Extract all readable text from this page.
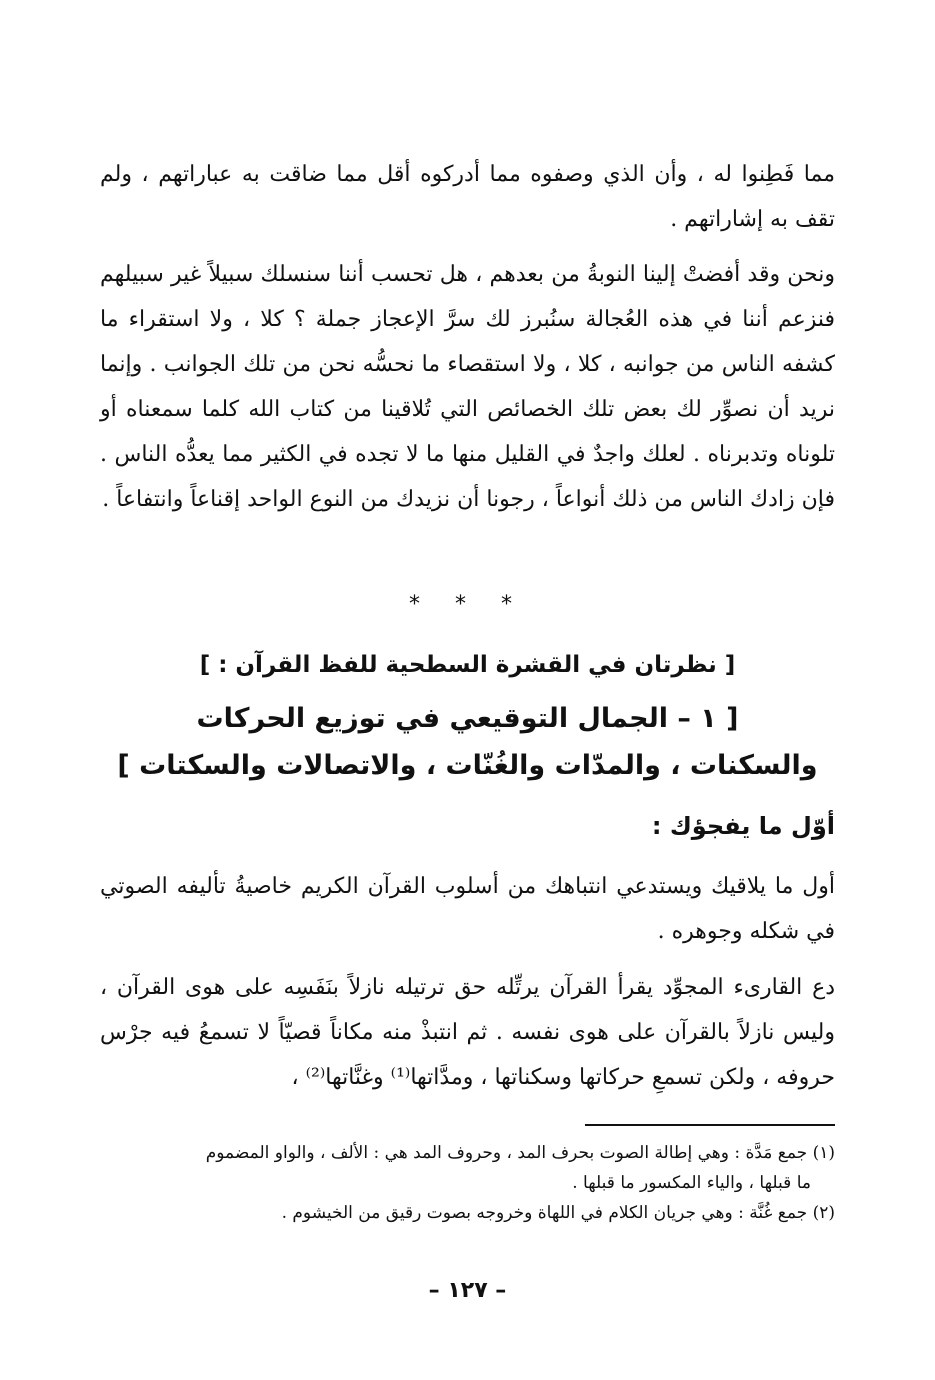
مما فَطِنوا له ، وأن الذي وصفوه مما أدركوه أقل مما ضاقت به عباراتهم ، ولم تقف به إشاراتهم .

ونحن وقد أفضتْ إلينا النوبةُ من بعدهم ، هل تحسب أننا سنسلك سبيلاً غير سبيلهم فنزعم أننا في هذه العُجالة سنُبرز لك سرَّ الإعجاز جملة ؟ كلا ، ولا استقراء ما كشفه الناس من جوانبه ، كلا ، ولا استقصاء ما نحسُّه نحن من تلك الجوانب . وإنما نريد أن نصوِّر لك بعض تلك الخصائص التي تُلاقينا من كتاب الله كلما سمعناه أو تلوناه وتدبرناه . لعلك واجدٌ في القليل منها ما لا تجده في الكثير مما يعدُّه الناس . فإن زادك الناس من ذلك أنواعاً ، رجونا أن نزيدك من النوع الواحد إقناعاً وانتفاعاً .

* * *
[ نظرتان في القشرة السطحية للفظ القرآن : ]
[ ١ – الجمال التوقيعي في توزيع الحركات
والسكنات ، والمدّات والغُنّات ، والاتصالات والسكتات ]
أوّل ما يفجؤك :

أول ما يلاقيك ويستدعي انتباهك من أسلوب القرآن الكريم خاصيةُ تأليفه الصوتي في شكله وجوهره .

دع القارىء المجوِّد يقرأ القرآن يرتِّله حق ترتيله نازلاً بنَفَسِه على هوى القرآن ، وليس نازلاً بالقرآن على هوى نفسه . ثم انتبذْ منه مكاناً قصيّاً لا تسمعُ فيه جرْس حروفه ، ولكن تسمعِ حركاتها وسكناتها ، ومدَّاتها⁽¹⁾ وغنَّاتها⁽²⁾ ،

(١) جمع مَدَّة : وهي إطالة الصوت بحرف المد ، وحروف المد هي : الألف ، والواو المضموم

ما قبلها ، والياء المكسور ما قبلها .

(٢) جمع غُنَّة : وهي جريان الكلام في اللهاة وخروجه بصوت رقيق من الخيشوم .

– ١٢٧ –
